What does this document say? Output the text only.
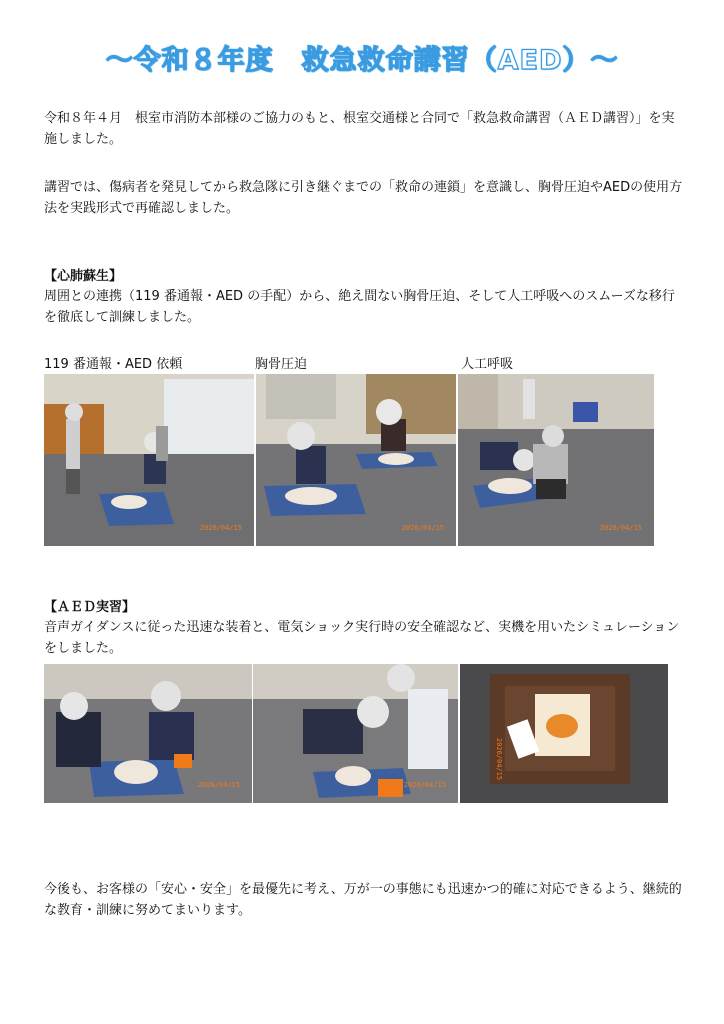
～令和８年度　救急救命講習（AED）～
令和８年４月　根室市消防本部様のご協力のもと、根室交通様と合同で「救急救命講習（ＡＥＤ講習）」を実施しました。
講習では、傷病者を発見してから救急隊に引き継ぐまでの「救命の連鎖」を意識し、胸骨圧迫やAEDの使用方法を実践形式で再確認しました。
【心肺蘇生】
周囲との連携（119 番通報・AED の手配）から、絶え間ない胸骨圧迫、そして人工呼吸へのスムーズな移行を徹底して訓練しました。
119 番通報・AED 依頼	胸骨圧迫	人工呼吸
2026/04/15	2026/04/15	2026/04/15
【ＡＥＤ実習】
音声ガイダンスに従った迅速な装着と、電気ショック実行時の安全確認など、実機を用いたシミュレーションをしました。
2026/04/15	2026/04/15
2026/04/15
今後も、お客様の「安心・安全」を最優先に考え、万が一の事態にも迅速かつ的確に対応できるよう、継続的な教育・訓練に努めてまいります。
